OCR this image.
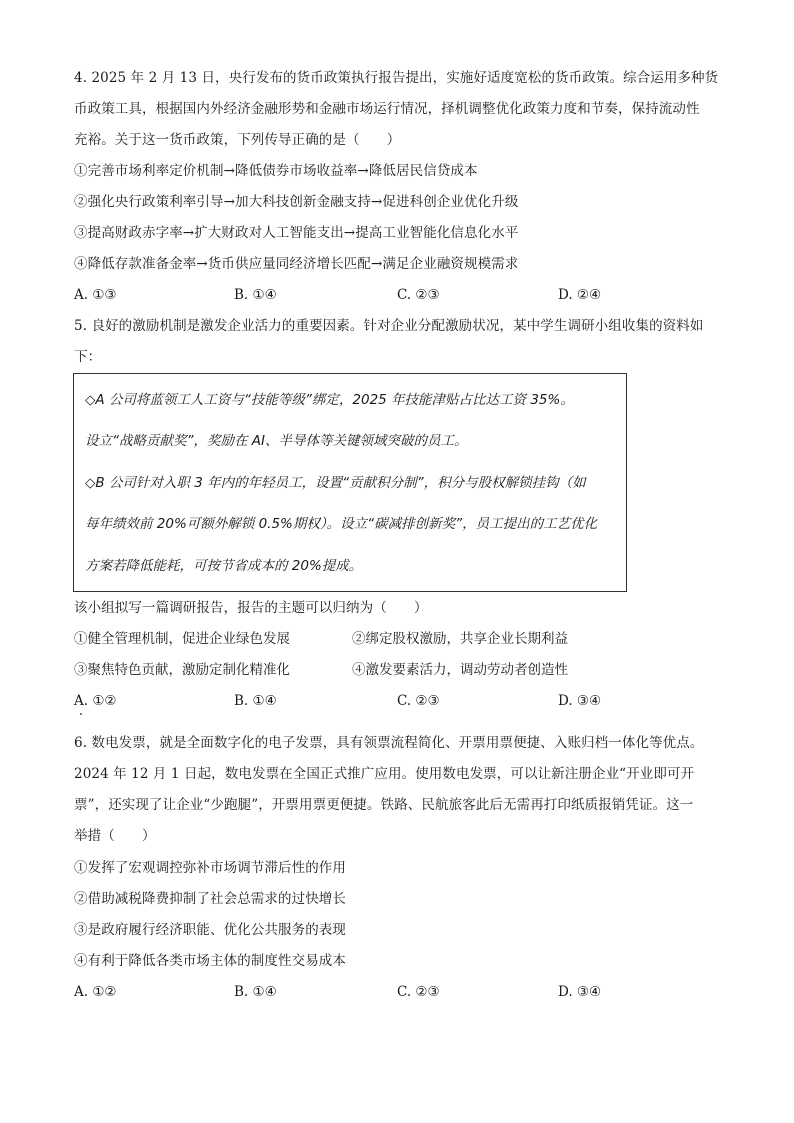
4. 2025 年 2 月 13 日，央行发布的货币政策执行报告提出，实施好适度宽松的货币政策。综合运用多种货
币政策工具，根据国内外经济金融形势和金融市场运行情况，择机调整优化政策力度和节奏，保持流动性
充裕。关于这一货币政策，下列传导正确的是（　　）
①完善市场利率定价机制→降低债券市场收益率→降低居民信贷成本
②强化央行政策利率引导→加大科技创新金融支持→促进科创企业优化升级
③提高财政赤字率→扩大财政对人工智能支出→提高工业智能化信息化水平
④降低存款准备金率→货币供应量同经济增长匹配→满足企业融资规模需求
A. ①③	B. ①④	C. ②③	D. ②④
5. 良好的激励机制是激发企业活力的重要因素。针对企业分配激励状况，某中学生调研小组收集的资料如
下：
◇A 公司将蓝领工人工资与“技能等级”绑定，2025 年技能津贴占比达工资 35%。
设立“战略贡献奖”，奖励在 AI、半导体等关键领域突破的员工。
◇B 公司针对入职 3 年内的年轻员工，设置“贡献积分制”，积分与股权解锁挂钩（如
每年绩效前 20%可额外解锁 0.5%期权）。设立“碳减排创新奖”，员工提出的工艺优化
方案若降低能耗，可按节省成本的 20%提成。
该小组拟写一篇调研报告，报告的主题可以归纳为（　　）
①健全管理机制，促进企业绿色发展	②绑定股权激励，共享企业长期利益
③聚焦特色贡献，激励定制化精准化	④激发要素活力，调动劳动者创造性
A. ①②	B. ①④	C. ②③	D. ③④
6. 数电发票，就是全面数字化的电子发票，具有领票流程简化、开票用票便捷、入账归档一体化等优点。
2024 年 12 月 1 日起，数电发票在全国正式推广应用。使用数电发票，可以让新注册企业“开业即可开
票”，还实现了让企业“少跑腿”，开票用票更便捷。铁路、民航旅客此后无需再打印纸质报销凭证。这一
举措（　　）
①发挥了宏观调控弥补市场调节滞后性的作用
②借助减税降费抑制了社会总需求的过快增长
③是政府履行经济职能、优化公共服务的表现
④有利于降低各类市场主体的制度性交易成本
A. ①②	B. ①④	C. ②③	D. ③④
